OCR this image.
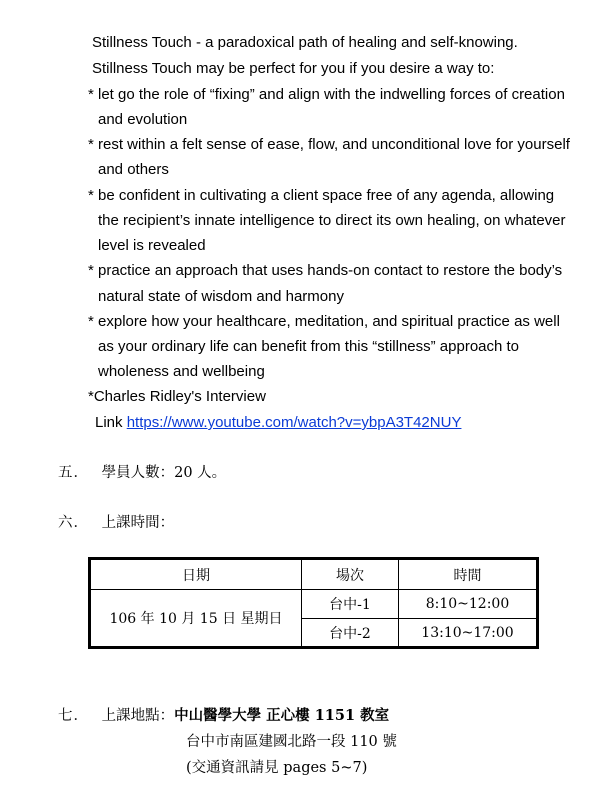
Stillness Touch - a paradoxical path of healing and self-knowing.
Stillness Touch may be perfect for you if you desire a way to:
* let go the role of “fixing” and align with the indwelling forces of creation
and evolution
* rest within a felt sense of ease, flow, and unconditional love for yourself
and others
* be confident in cultivating a client space free of any agenda, allowing
the recipient’s innate intelligence to direct its own healing, on whatever
level is revealed
* practice an approach that uses hands-on contact to restore the body’s
natural state of wisdom and harmony
* explore how your healthcare, meditation, and spiritual practice as well
as your ordinary life can benefit from this “stillness” approach to
wholeness and wellbeing
*Charles Ridley's Interview
Link https://www.youtube.com/watch?v=ybpA3T42NUY
五． 學員人數：20 人。
六． 上課時間：
日期	場次	時間
106 年 10 月 15 日 星期日	台中-1	8:10~12:00
	台中-2	13:10~17:00
七． 上課地點：中山醫學大學 正心樓 1151 教室
台中市南區建國北路一段 110 號
(交通資訊請見 pages 5~7)
